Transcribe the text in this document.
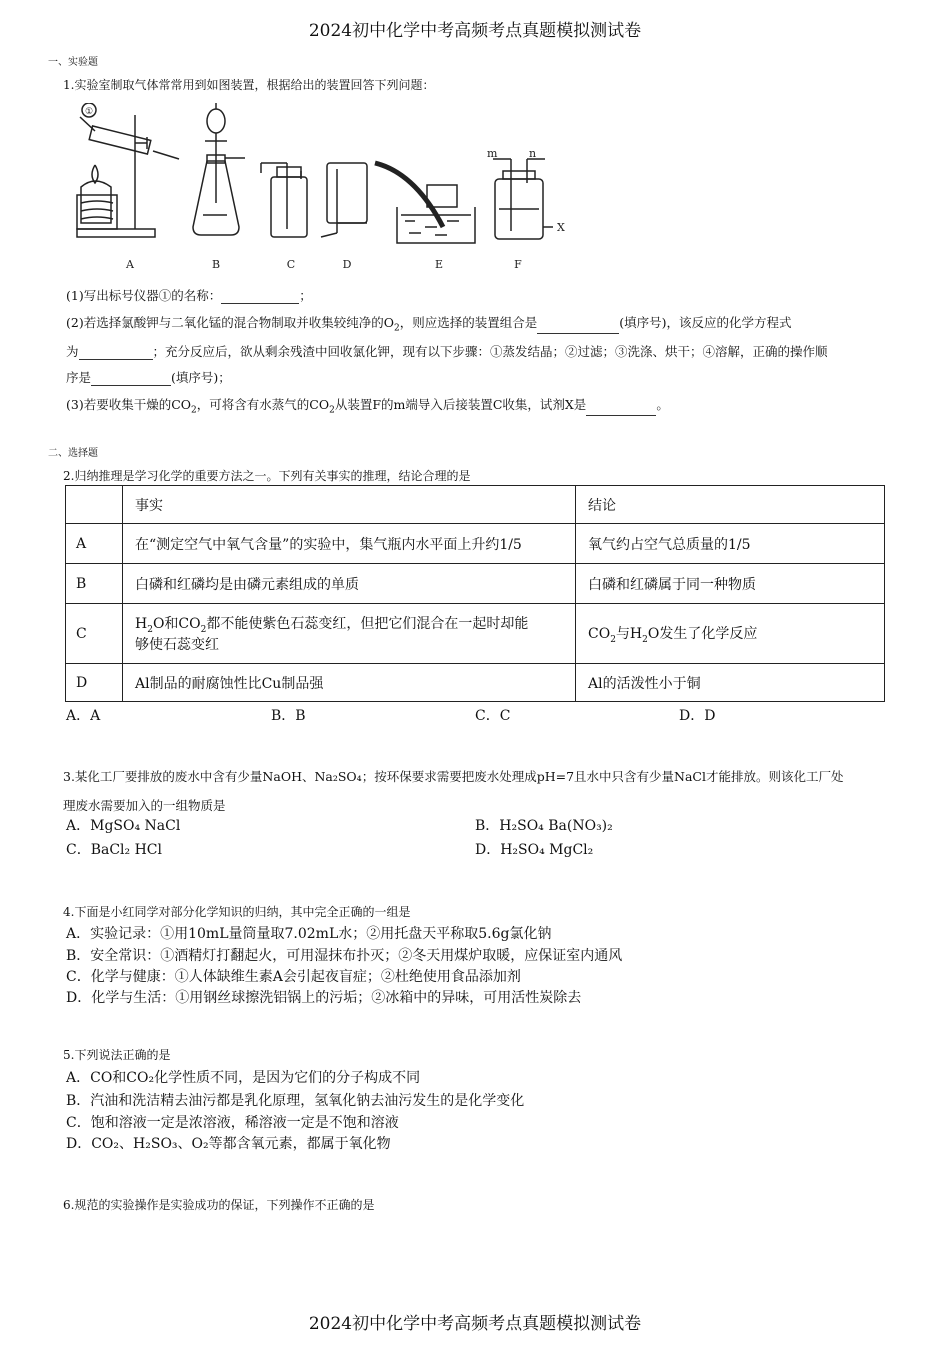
2024初中化学中考高频考点真题模拟测试卷
一、实验题
1.实验室制取气体常常用到如图装置，根据给出的装置回答下列问题：
①
A	B	C	D	E	F
m	n
X
(1)写出标号仪器①的名称：	；
(2)若选择氯酸钾与二氧化锰的混合物制取并收集较纯净的$O_2$，则应选择的装置组合是	(填序号)，该反应的化学方程式
为	；充分反应后，欲从剩余残渣中回收氯化钾，现有以下步骤：①蒸发结晶；②过滤；③洗涤、烘干；④溶解，正确的操作顺
序是	(填序号)；
(3)若要收集干燥的$CO_2$，可将含有水蒸气的$CO_2$从装置F的m端导入后接装置C收集，试剂X是	。
二、选择题
2.归纳推理是学习化学的重要方法之一。下列有关事实的推理，结论合理的是
	事实	结论
A	在“测定空气中氧气含量”的实验中，集气瓶内水平面上升约1/5	氧气约占空气总质量的1/5
B	白磷和红磷均是由磷元素组成的单质	白磷和红磷属于同一种物质
C	$H_2O$和$CO_2$都不能使紫色石蕊变红，但把它们混合在一起时却能
够使石蕊变红	$CO_2$与$H_2O$发生了化学反应
D	Al制品的耐腐蚀性比Cu制品强	Al的活泼性小于铜
A．A	B．B	C．C	D．D
3.某化工厂要排放的废水中含有少量NaOH、Na₂SO₄；按环保要求需要把废水处理成pH=7且水中只含有少量NaCl才能排放。则该化工厂处
理废水需要加入的一组物质是
A．MgSO₄ NaCl	B．H₂SO₄ Ba(NO₃)₂
C．BaCl₂ HCl	D．H₂SO₄ MgCl₂
4.下面是小红同学对部分化学知识的归纳，其中完全正确的一组是
A．实验记录：①用10mL量筒量取7.02mL水；②用托盘天平称取5.6g氯化钠
B．安全常识：①酒精灯打翻起火，可用湿抹布扑灭；②冬天用煤炉取暖，应保证室内通风
C．化学与健康：①人体缺维生素A会引起夜盲症；②杜绝使用食品添加剂
D．化学与生活：①用钢丝球擦洗铝锅上的污垢；②冰箱中的异味，可用活性炭除去
5.下列说法正确的是
A．CO和CO₂化学性质不同，是因为它们的分子构成不同
B．汽油和洗洁精去油污都是乳化原理，氢氧化钠去油污发生的是化学变化
C．饱和溶液一定是浓溶液，稀溶液一定是不饱和溶液
D．CO₂、H₂SO₃、O₂等都含氧元素，都属于氧化物
6.规范的实验操作是实验成功的保证，下列操作不正确的是
2024初中化学中考高频考点真题模拟测试卷
